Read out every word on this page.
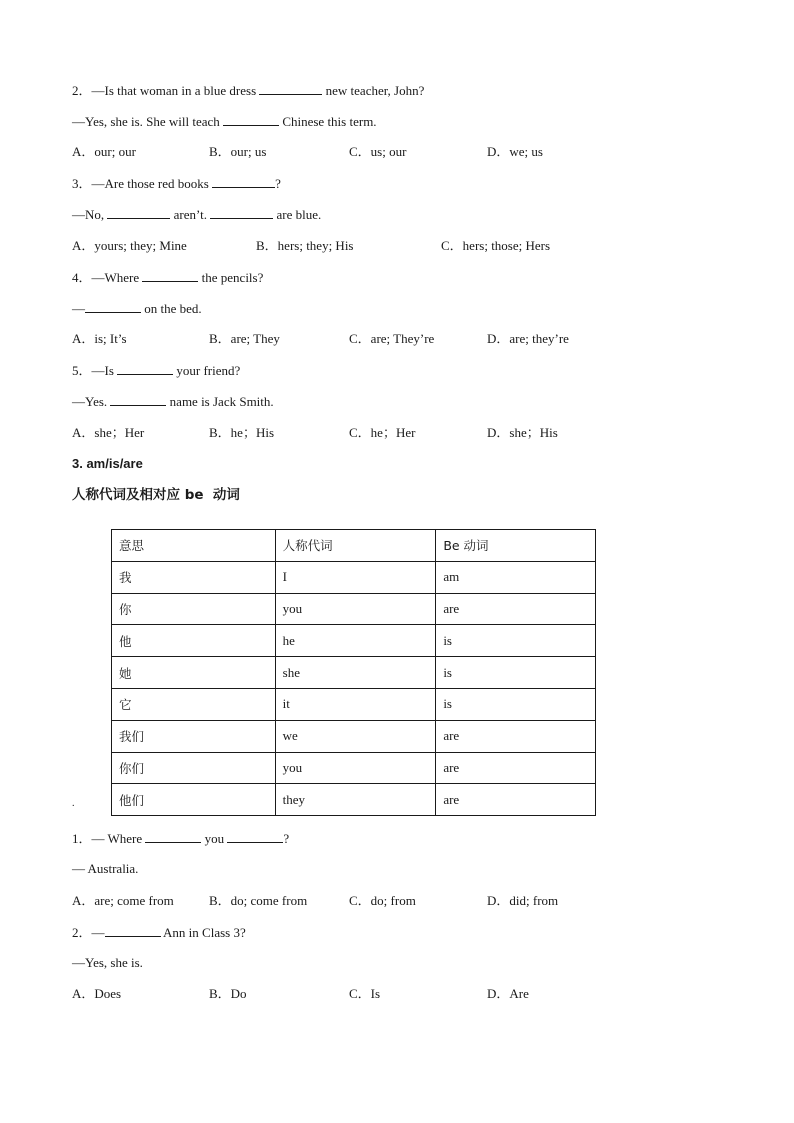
2．—Is that woman in a blue dress	new teacher, John?
—Yes, she is. She will teach	Chinese this term.
A．our; our	B．our; us	C．us; our	D．we; us
3．—Are those red books	?
—No,	aren’t.	are blue.
A．yours; they; Mine	B．hers; they; His	C．hers; those; Hers
4．—Where	the pencils?
—	on the bed.
A．is; It’s	B．are; They	C．are; They’re	D．are; they’re
5．—Is	your friend?
—Yes.	name is Jack Smith.
A．she；Her	B．he；His	C．he；Her	D．she；His
3. am/is/are
人称代词及相对应 be  动词
意思	人称代词	Be 动词
我	I	am
你	you	are
他	he	is
她	she	is
它	it	is
我们	we	are
你们	you	are
他们	they	are
.
1．— Where	you	?
— Australia.
A．are; come from	B．do; come from	C．do; from	D．did; from
2．—	Ann in Class 3?
—Yes, she is.
A．Does	B．Do	C．Is	D．Are
